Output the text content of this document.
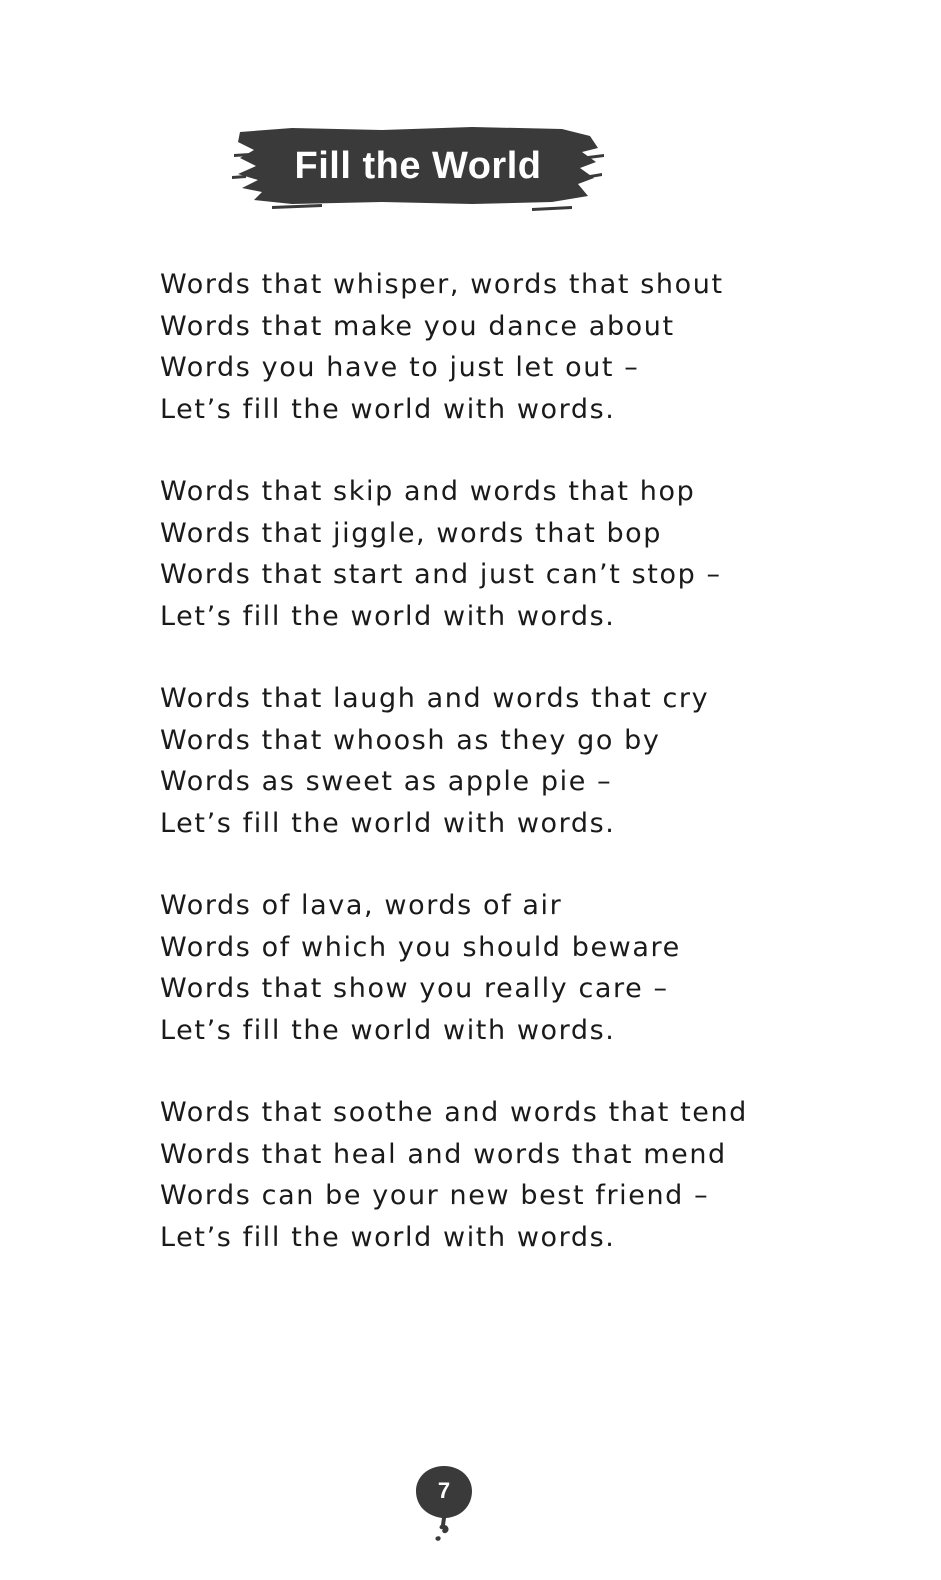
Fill the World
Words that whisper, words that shout
Words that make you dance about
Words you have to just let out –
Let’s fill the world with words.
Words that skip and words that hop
Words that jiggle, words that bop
Words that start and just can’t stop –
Let’s fill the world with words.
Words that laugh and words that cry
Words that whoosh as they go by
Words as sweet as apple pie –
Let’s fill the world with words.
Words of lava, words of air
Words of which you should beware
Words that show you really care –
Let’s fill the world with words.
Words that soothe and words that tend
Words that heal and words that mend
Words can be your new best friend –
Let’s fill the world with words.
7
